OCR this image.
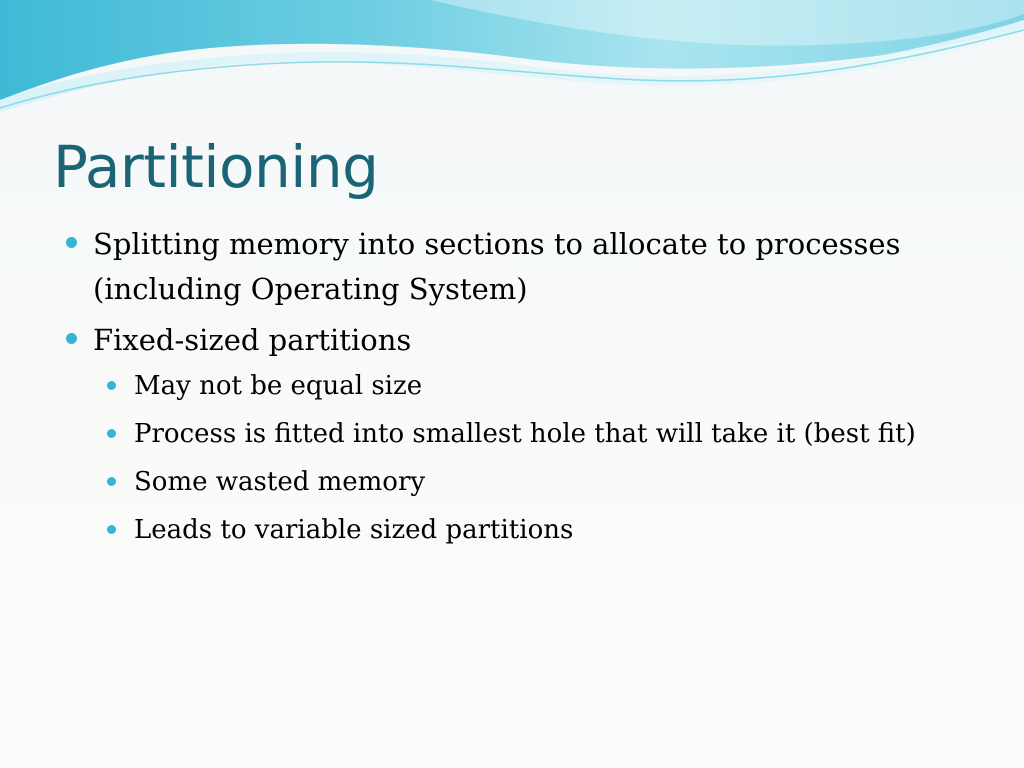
Partitioning
Splitting memory into sections to allocate to processes (including Operating System)
Fixed-sized partitions
May not be equal size
Process is fitted into smallest hole that will take it (best fit)
Some wasted memory
Leads to variable sized partitions
